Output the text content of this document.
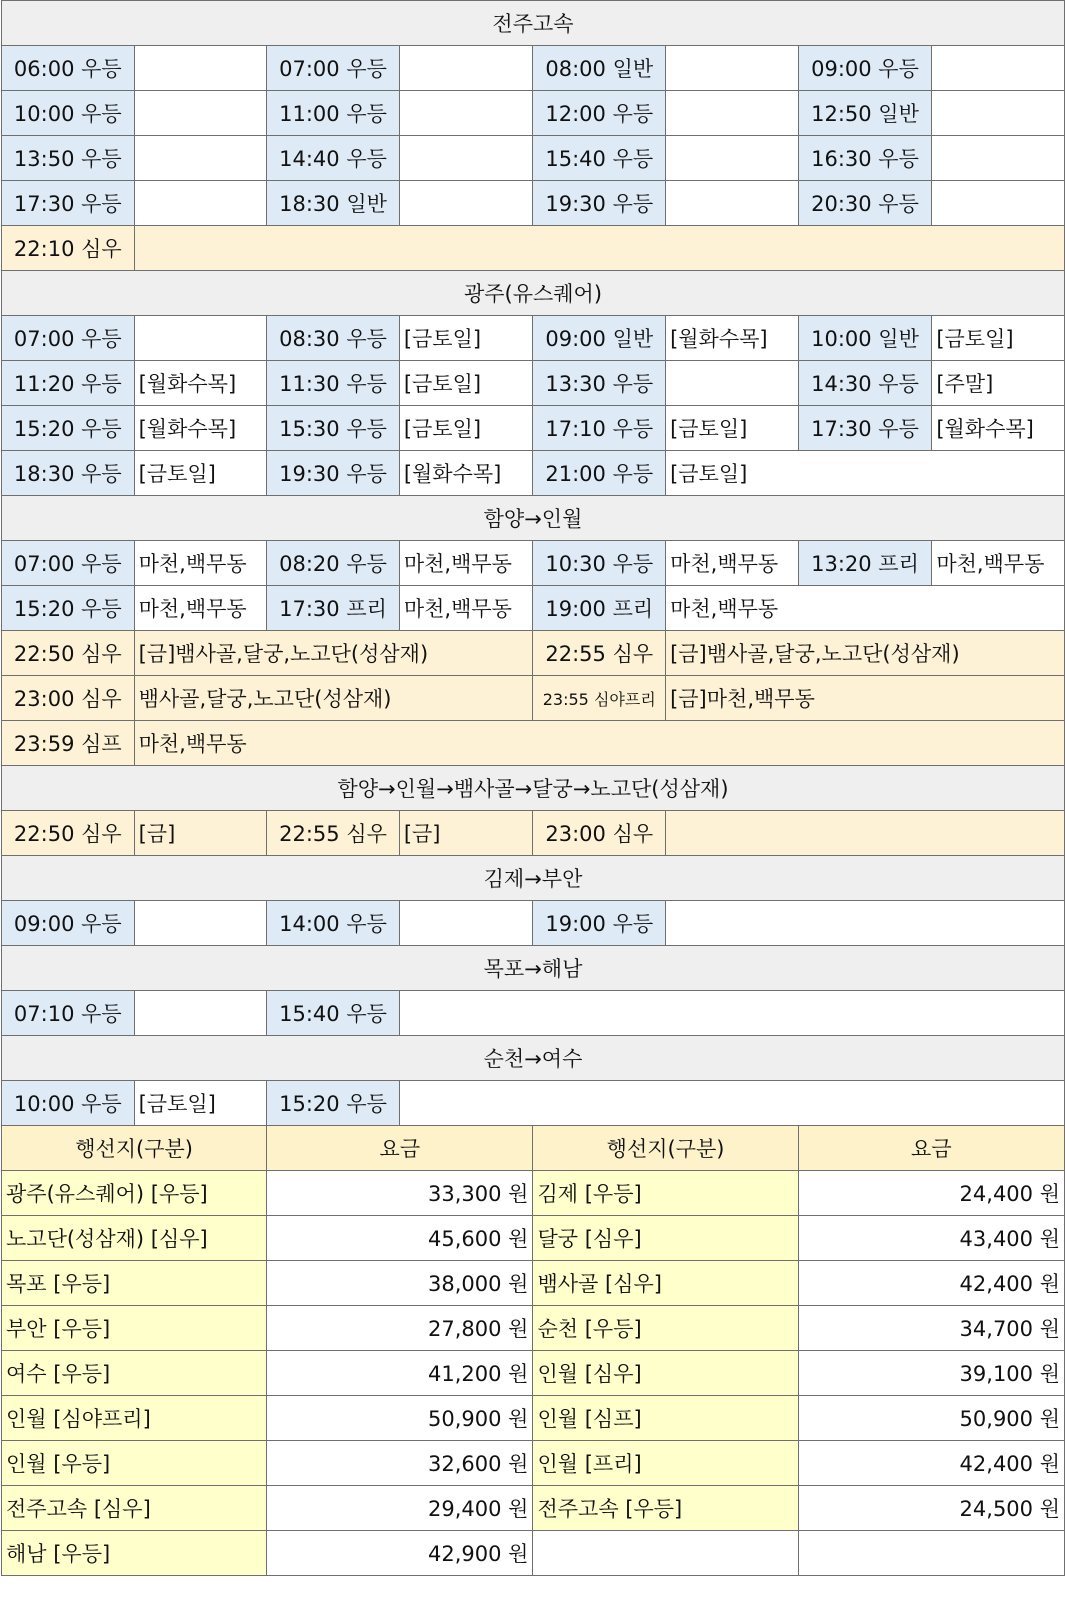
전주고속							
06:00 우등		07:00 우등		08:00 일반		09:00 우등	
10:00 우등		11:00 우등		12:00 우등		12:50 일반	
13:50 우등		14:40 우등		15:40 우등		16:30 우등	
17:30 우등		18:30 일반		19:30 우등		20:30 우등	
22:10 심우							
광주(유스퀘어)							
07:00 우등		08:30 우등	[금토일]	09:00 일반	[월화수목]	10:00 일반	[금토일]
11:20 우등	[월화수목]	11:30 우등	[금토일]	13:30 우등		14:30 우등	[주말]
15:20 우등	[월화수목]	15:30 우등	[금토일]	17:10 우등	[금토일]	17:30 우등	[월화수목]
18:30 우등	[금토일]	19:30 우등	[월화수목]	21:00 우등	[금토일]		
함양→인월							
07:00 우등	마천,백무동	08:20 우등	마천,백무동	10:30 우등	마천,백무동	13:20 프리	마천,백무동
15:20 우등	마천,백무동	17:30 프리	마천,백무동	19:00 프리	마천,백무동		
22:50 심우	[금]뱀사골,달궁,노고단(성삼재)			22:55 심우	[금]뱀사골,달궁,노고단(성삼재)		
23:00 심우	뱀사골,달궁,노고단(성삼재)			23:55 심야프리	[금]마천,백무동		
23:59 심프	마천,백무동						
함양→인월→뱀사골→달궁→노고단(성삼재)							
22:50 심우	[금]	22:55 심우	[금]	23:00 심우			
김제→부안							
09:00 우등		14:00 우등		19:00 우등			
목포→해남							
07:10 우등		15:40 우등					
순천→여수							
10:00 우등	[금토일]	15:20 우등					
행선지(구분)		요금		행선지(구분)		요금	
광주(유스퀘어) [우등]		33,300 원		김제 [우등]		24,400 원	
노고단(성삼재) [심우]		45,600 원		달궁 [심우]		43,400 원	
목포 [우등]		38,000 원		뱀사골 [심우]		42,400 원	
부안 [우등]		27,800 원		순천 [우등]		34,700 원	
여수 [우등]		41,200 원		인월 [심우]		39,100 원	
인월 [심야프리]		50,900 원		인월 [심프]		50,900 원	
인월 [우등]		32,600 원		인월 [프리]		42,400 원	
전주고속 [심우]		29,400 원		전주고속 [우등]		24,500 원	
해남 [우등]		42,900 원					
